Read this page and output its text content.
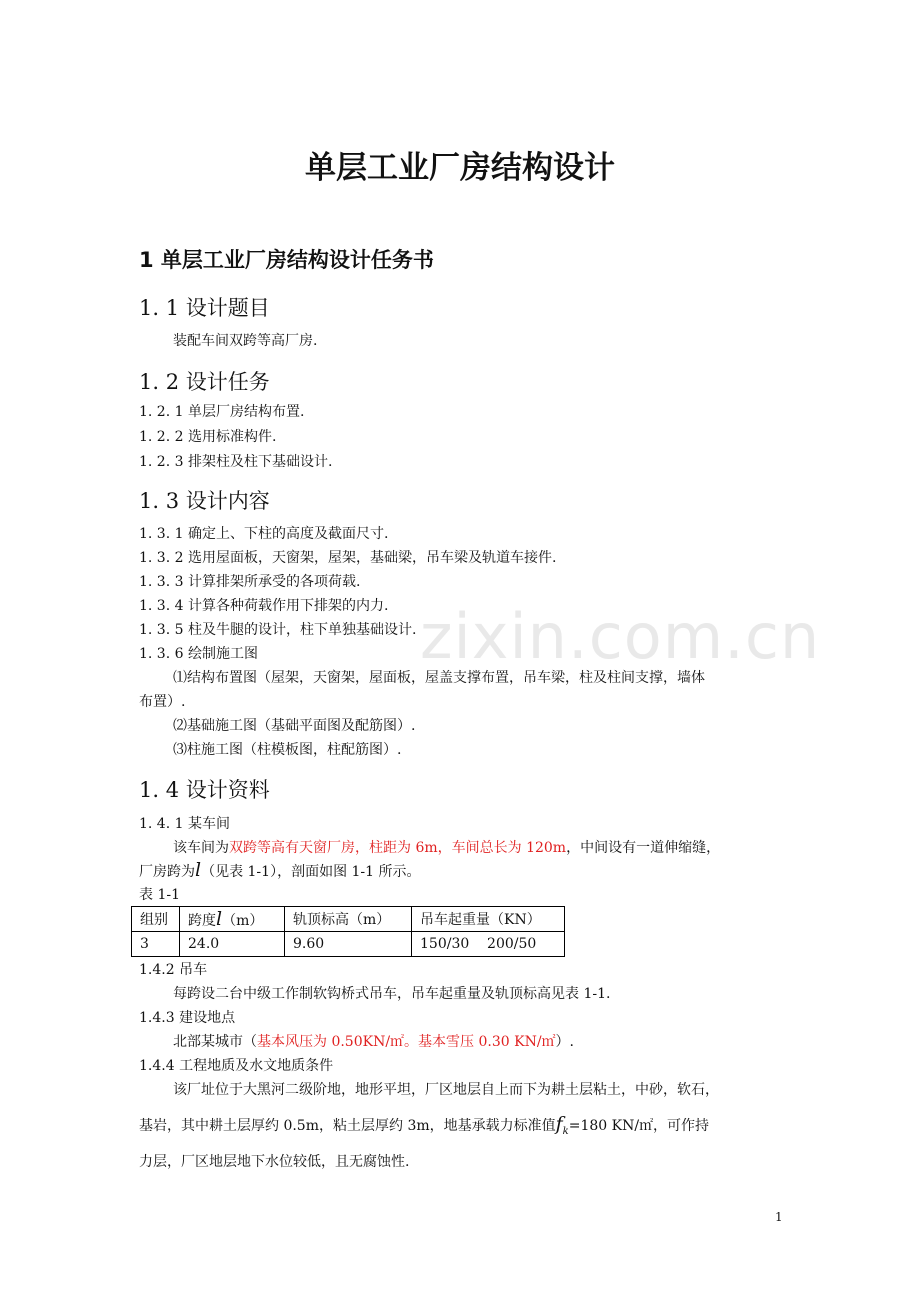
zixin.com.cn
单层工业厂房结构设计
1 单层工业厂房结构设计任务书
1. 1 设计题目
装配车间双跨等高厂房.
1. 2 设计任务
1. 2. 1 单层厂房结构布置.
1. 2. 2 选用标准构件.
1. 2. 3 排架柱及柱下基础设计.
1. 3 设计内容
1. 3. 1 确定上、下柱的高度及截面尺寸.
1. 3. 2 选用屋面板，天窗架，屋架，基础梁，吊车梁及轨道车接件.
1. 3. 3 计算排架所承受的各项荷载.
1. 3. 4 计算各种荷载作用下排架的内力.
1. 3. 5 柱及牛腿的设计，柱下单独基础设计.
1. 3. 6 绘制施工图
⑴结构布置图（屋架，天窗架，屋面板，屋盖支撑布置，吊车梁，柱及柱间支撑，墙体
布置）.
⑵基础施工图（基础平面图及配筋图）.
⑶柱施工图（柱模板图，柱配筋图）.
1. 4 设计资料
1. 4. 1 某车间
该车间为双跨等高有天窗厂房，柱距为 6m，车间总长为 120m，中间设有一道伸缩缝，
厂房跨为l（见表 1-1），剖面如图 1-1 所示。
表 1-1
组别	跨度l（m）	轨顶标高（m）	吊车起重量（KN）
3	24.0	9.60	150/30    200/50
1.4.2 吊车
每跨设二台中级工作制软钩桥式吊车，吊车起重量及轨顶标高见表 1-1.
1.4.3 建设地点
北部某城市（基本风压为 0.50KN/㎡。基本雪压 0.30 KN/㎡）.
1.4.4 工程地质及水文地质条件
该厂址位于大黑河二级阶地，地形平坦，厂区地层自上而下为耕土层粘土，中砂，软石，
基岩，其中耕土层厚约 0.5m，粘土层厚约 3m，地基承载力标准值$f_k=180$ KN/㎡，可作持
力层，厂区地层地下水位较低，且无腐蚀性.
1
